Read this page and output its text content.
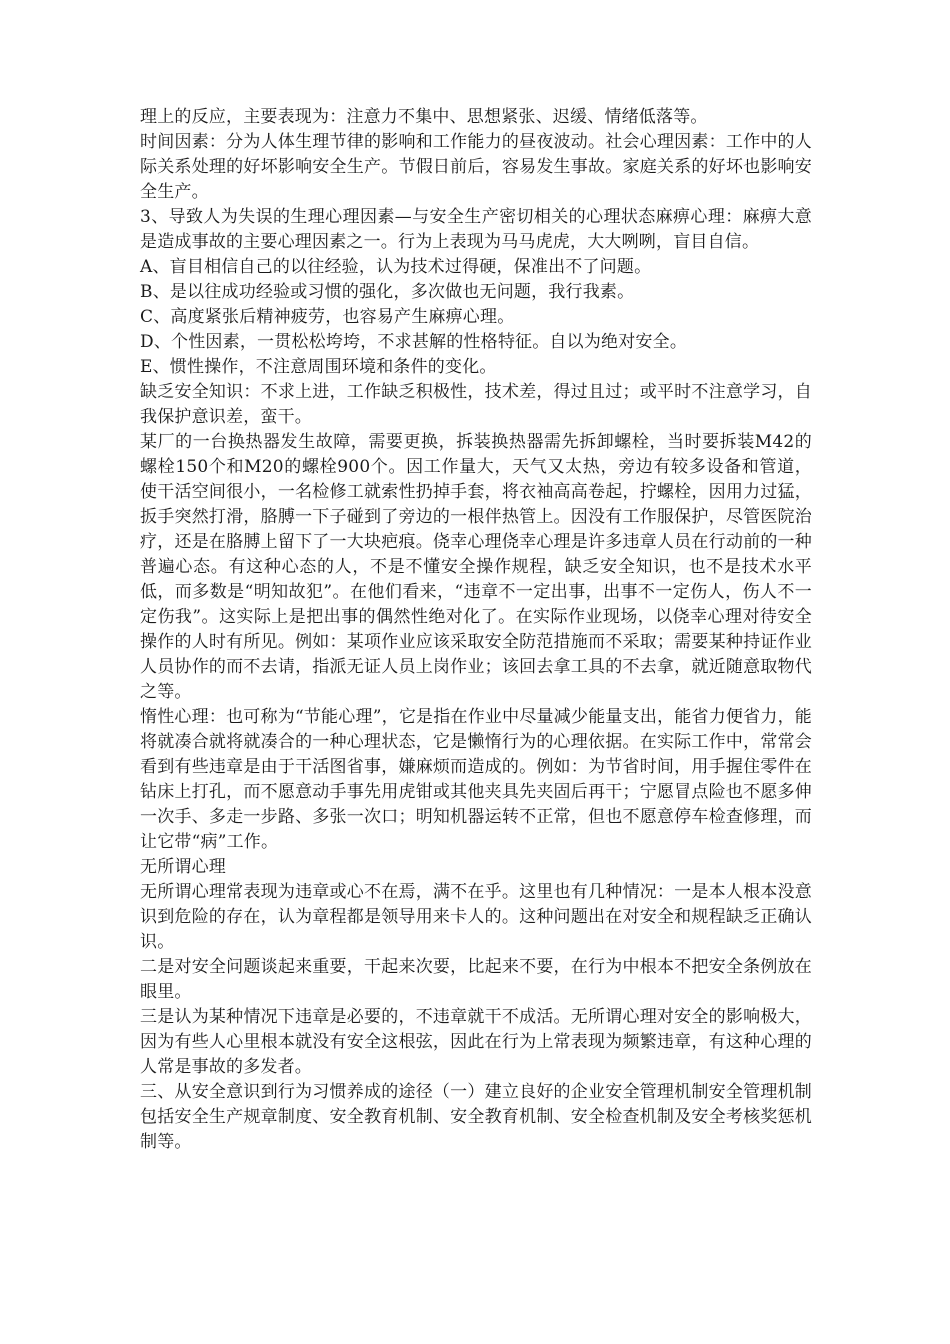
理上的反应，主要表现为：注意力不集中、思想紧张、迟缓、情绪低落等。

时间因素：分为人体生理节律的影响和工作能力的昼夜波动。社会心理因素：工作中的人际关系处理的好坏影响安全生产。节假日前后，容易发生事故。家庭关系的好坏也影响安全生产。

3、导致人为失误的生理心理因素—与安全生产密切相关的心理状态麻痹心理：麻痹大意是造成事故的主要心理因素之一。行为上表现为马马虎虎，大大咧咧，盲目自信。

A、盲目相信自己的以往经验，认为技术过得硬，保准出不了问题。

B、是以往成功经验或习惯的强化，多次做也无问题，我行我素。

C、高度紧张后精神疲劳，也容易产生麻痹心理。

D、个性因素，一贯松松垮垮，不求甚解的性格特征。自以为绝对安全。

E、惯性操作，不注意周围环境和条件的变化。

缺乏安全知识：不求上进，工作缺乏积极性，技术差，得过且过；或平时不注意学习，自我保护意识差，蛮干。

某厂的一台换热器发生故障，需要更换，拆装换热器需先拆卸螺栓，当时要拆装M42的螺栓150个和M20的螺栓900个。因工作量大，天气又太热，旁边有较多设备和管道，使干活空间很小，一名检修工就索性扔掉手套，将衣袖高高卷起，拧螺栓，因用力过猛，扳手突然打滑，胳膊一下子碰到了旁边的一根伴热管上。因没有工作服保护，尽管医院治疗，还是在胳膊上留下了一大块疤痕。侥幸心理侥幸心理是许多违章人员在行动前的一种普遍心态。有这种心态的人，不是不懂安全操作规程，缺乏安全知识，也不是技术水平低，而多数是“明知故犯”。在他们看来，“违章不一定出事，出事不一定伤人，伤人不一定伤我”。这实际上是把出事的偶然性绝对化了。在实际作业现场，以侥幸心理对待安全操作的人时有所见。例如：某项作业应该采取安全防范措施而不采取；需要某种持证作业人员协作的而不去请，指派无证人员上岗作业；该回去拿工具的不去拿，就近随意取物代之等。

惰性心理：也可称为“节能心理”，它是指在作业中尽量减少能量支出，能省力便省力，能将就凑合就将就凑合的一种心理状态，它是懒惰行为的心理依据。在实际工作中，常常会看到有些违章是由于干活图省事，嫌麻烦而造成的。例如：为节省时间，用手握住零件在钻床上打孔，而不愿意动手事先用虎钳或其他夹具先夹固后再干；宁愿冒点险也不愿多伸一次手、多走一步路、多张一次口；明知机器运转不正常，但也不愿意停车检查修理，而让它带“病”工作。

无所谓心理

无所谓心理常表现为违章或心不在焉，满不在乎。这里也有几种情况：一是本人根本没意识到危险的存在，认为章程都是领导用来卡人的。这种问题出在对安全和规程缺乏正确认识。

二是对安全问题谈起来重要，干起来次要，比起来不要，在行为中根本不把安全条例放在眼里。

三是认为某种情况下违章是必要的，不违章就干不成活。无所谓心理对安全的影响极大，因为有些人心里根本就没有安全这根弦，因此在行为上常表现为频繁违章，有这种心理的人常是事故的多发者。

三、从安全意识到行为习惯养成的途径（一）建立良好的企业安全管理机制安全管理机制包括安全生产规章制度、安全教育机制、安全教育机制、安全检查机制及安全考核奖惩机制等。
